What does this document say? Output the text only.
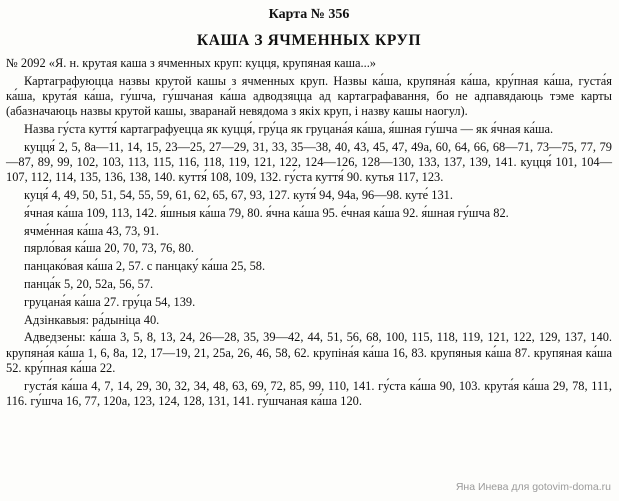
Карта № 356
КАША З ЯЧМЕННЫХ КРУП
№ 2092 «Я. н. крутая каша з ячменных круп: куцця, крупяная каша...»
Картаграфуюцца назвы крутой кашы з ячменных круп. Назвы ка́ша, крупяна́я ка́ша, кру́пная ка́ша, густа́я ка́ша, крута́я ка́ша, гу́шча, гу́шчаная ка́ша адводзяцца ад картаграфавання, бо не адпавядаюць тэме карты (абазначаюць назвы крутой кашы, зваранай невядома з якіх круп, і назву кашы наогул).
Назва гу́ста куття́ картаграфуецца як куцця́, гру́ца як груцана́я ка́ша, я́шная гу́шча — як я́чная ка́ша.
куцця́ 2, 5, 8а—11, 14, 15, 23—25, 27—29, 31, 33, 35—38, 40, 43, 45, 47, 49а, 60, 64, 66, 68—71, 73—75, 77, 79—87, 89, 99, 102, 103, 113, 115, 116, 118, 119, 121, 122, 124—126, 128—130, 133, 137, 139, 141. куцця́ 101, 104—107, 112, 114, 135, 136, 138, 140. куття́ 108, 109, 132. гу́ста куття́ 90. кутья 117, 123.
куця́ 4, 49, 50, 51, 54, 55, 59, 61, 62, 65, 67, 93, 127. кутя́ 94, 94а, 96—98. куте́ 131.
я́чная ка́ша 109, 113, 142. я́шныя ка́ша 79, 80. я́чна ка́ша 95. е́чная ка́ша 92. я́шная гу́шча 82.
ячме́нная ка́ша 43, 73, 91.
пярло́вая ка́ша 20, 70, 73, 76, 80.
панцако́вая ка́ша 2, 57. с панцаку́ ка́ша 25, 58.
панца́к 5, 20, 52а, 56, 57.
груцана́я ка́ша 27. гру́ца 54, 139.
Адзінкавыя: ра́дыніца 40.
Адведзены: ка́ша 3, 5, 8, 13, 24, 26—28, 35, 39—42, 44, 51, 56, 68, 100, 115, 118, 119, 121, 122, 129, 137, 140. крупяна́я ка́ша 1, 6, 8а, 12, 17—19, 21, 25а, 26, 46, 58, 62. крупіна́я ка́ша 16, 83. крупяныя ка́ша 87. крупяная ка́ша 52. кру́пная ка́ша 22.
густа́я ка́ша 4, 7, 14, 29, 30, 32, 34, 48, 63, 69, 72, 85, 99, 110, 141. гу́ста ка́ша 90, 103. крута́я ка́ша 29, 78, 111, 116. гу́шча 16, 77, 120а, 123, 124, 128, 131, 141. гу́шчаная ка́ша 120.
Яна Инева для gotovim-doma.ru
